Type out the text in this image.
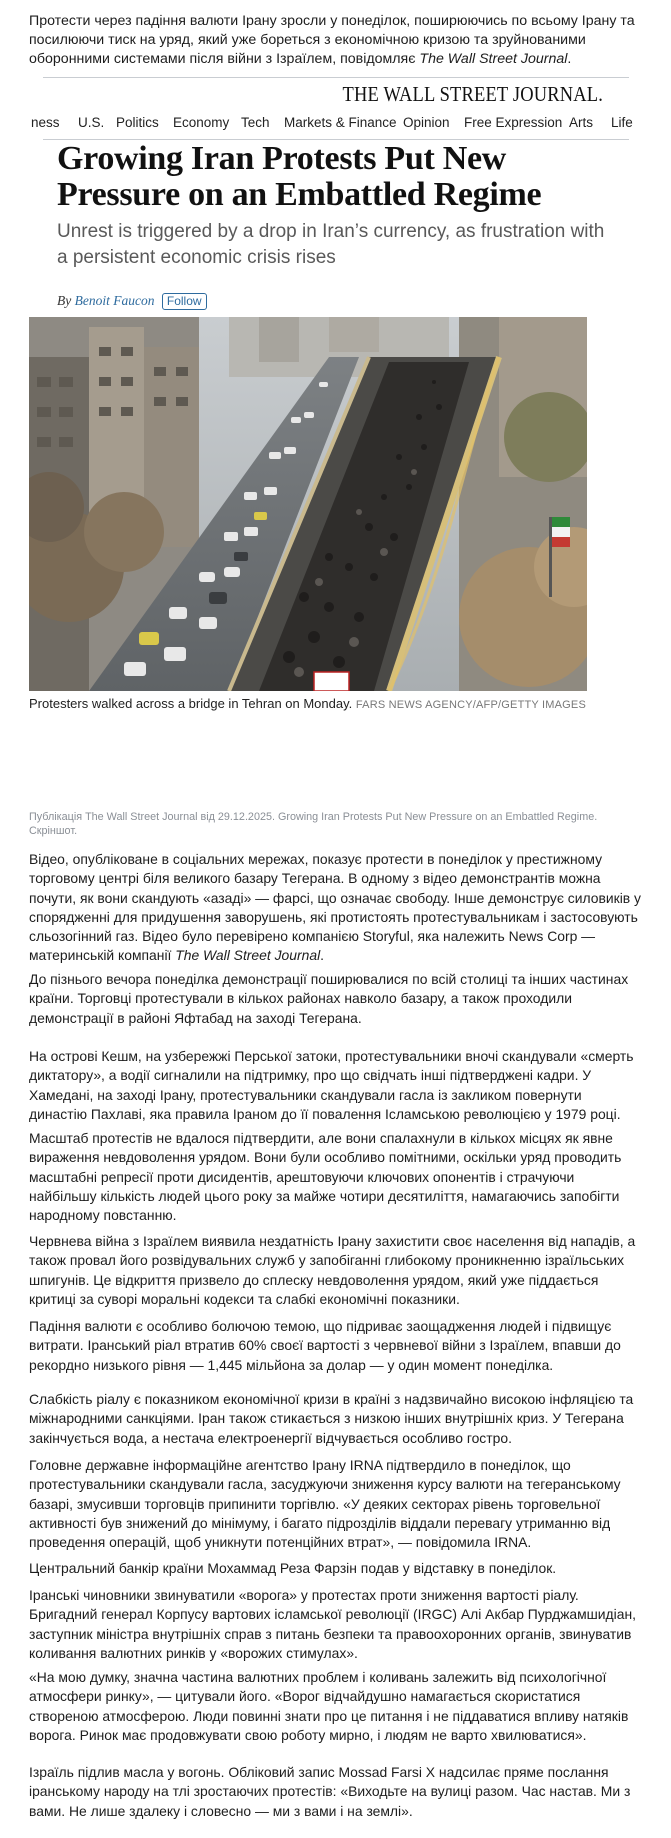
Протести через падіння валюти Ірану зросли у понеділок, поширюючись по всьому Ірану та посилюючи тиск на уряд, який уже бореться з економічною кризою та зруйнованими оборонними системами після війни з Ізраїлем, повідомляє The Wall Street Journal.

THE WALL STREET JOURNAL.
ness U.S. Politics Economy Tech Markets & Finance Opinion Free Expression Arts Life
Growing Iran Protests Put New Pressure on an Embattled Regime

Unrest is triggered by a drop in Iran’s currency, as frustration with a persistent economic crisis rises

By Benoit Faucon Follow
Protesters walked across a bridge in Tehran on Monday. FARS NEWS AGENCY/AFP/GETTY IMAGES

Публікація The Wall Street Journal від 29.12.2025. Growing Iran Protests Put New Pressure on an Embattled Regime. Скріншот.

Відео, опубліковане в соціальних мережах, показує протести в понеділок у престижному торговому центрі біля великого базару Тегерана. В одному з відео демонстрантів можна почути, як вони скандують «азаді» — фарсі, що означає свободу. Інше демонструє силовиків у спорядженні для придушення заворушень, які протистоять протестувальникам і застосовують сльозогінний газ. Відео було перевірено компанією Storyful, яка належить News Corp — материнській компанії The Wall Street Journal.

До пізнього вечора понеділка демонстрації поширювалися по всій столиці та інших частинах країни. Торговці протестували в кількох районах навколо базару, а також проходили демонстрації в районі Яфтабад на заході Тегерана.

На острові Кешм, на узбережжі Перської затоки, протестувальники вночі скандували «смерть диктатору», а водії сигналили на підтримку, про що свідчать інші підтверджені кадри. У Хамедані, на заході Ірану, протестувальники скандували гасла із закликом повернути династію Пахлаві, яка правила Іраном до її повалення Ісламською революцією у 1979 році.

Масштаб протестів не вдалося підтвердити, але вони спалахнули в кількох місцях як явне вираження невдоволення урядом. Вони були особливо помітними, оскільки уряд проводить масштабні репресії проти дисидентів, арештовуючи ключових опонентів і страчуючи найбільшу кількість людей цього року за майже чотири десятиліття, намагаючись запобігти народному повстанню.

Червнева війна з Ізраїлем виявила нездатність Ірану захистити своє населення від нападів, а також провал його розвідувальних служб у запобіганні глибокому проникненню ізраїльських шпигунів. Це відкриття призвело до сплеску невдоволення урядом, який уже піддається критиці за суворі моральні кодекси та слабкі економічні показники.

Падіння валюти є особливо болючою темою, що підриває заощадження людей і підвищує витрати. Іранський ріал втратив 60% своєї вартості з червневої війни з Ізраїлем, впавши до рекордно низького рівня — 1,445 мільйона за долар — у один момент понеділка.

Слабкість ріалу є показником економічної кризи в країні з надзвичайно високою інфляцією та міжнародними санкціями. Іран також стикається з низкою інших внутрішніх криз. У Тегерана закінчується вода, а нестача електроенергії відчувається особливо гостро.

Головне державне інформаційне агентство Ірану IRNA підтвердило в понеділок, що протестувальники скандували гасла, засуджуючи зниження курсу валюти на тегеранському базарі, змусивши торговців припинити торгівлю. «У деяких секторах рівень торговельної активності був знижений до мінімуму, і багато підрозділів віддали перевагу утриманню від проведення операцій, щоб уникнути потенційних втрат», — повідомила IRNA.

Центральний банкір країни Мохаммад Реза Фарзін подав у відставку в понеділок.

Іранські чиновники звинуватили «ворога» у протестах проти зниження вартості ріалу. Бригадний генерал Корпусу вартових ісламської революції (IRGC) Алі Акбар Пурджамшидіан, заступник міністра внутрішніх справ з питань безпеки та правоохоронних органів, звинуватив коливання валютних ринків у «ворожих стимулах».

«На мою думку, значна частина валютних проблем і коливань залежить від психологічної атмосфери ринку», — цитували його. «Ворог відчайдушно намагається скористатися створеною атмосферою. Люди повинні знати про це питання і не піддаватися впливу натяків ворога. Ринок має продовжувати свою роботу мирно, і людям не варто хвилюватися».

Ізраїль підлив масла у вогонь. Обліковий запис Mossad Farsi X надсилає пряме послання іранському народу на тлі зростаючих протестів: «Виходьте на вулиці разом. Час настав. Ми з вами. Не лише здалеку і словесно — ми з вами і на землі».
